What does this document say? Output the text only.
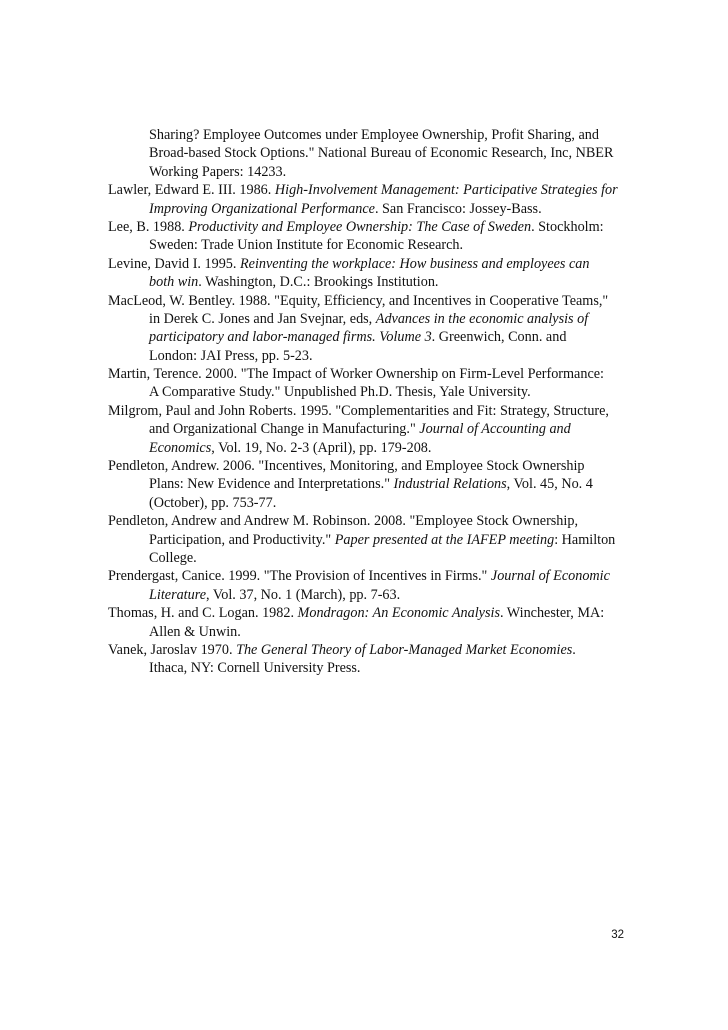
Sharing? Employee Outcomes under Employee Ownership, Profit Sharing, and
Broad-based Stock Options." National Bureau of Economic Research, Inc, NBER
Working Papers: 14233.
Lawler, Edward E. III. 1986. High-Involvement Management: Participative Strategies for
Improving Organizational Performance. San Francisco: Jossey-Bass.
Lee, B. 1988. Productivity and Employee Ownership: The Case of Sweden. Stockholm:
Sweden: Trade Union Institute for Economic Research.
Levine, David I. 1995. Reinventing the workplace: How business and employees can
both win. Washington, D.C.: Brookings Institution.
MacLeod, W. Bentley. 1988. "Equity, Efficiency, and Incentives in Cooperative Teams,"
in Derek C. Jones and Jan Svejnar, eds, Advances in the economic analysis of
participatory and labor-managed firms. Volume 3. Greenwich, Conn. and
London: JAI Press, pp. 5-23.
Martin, Terence. 2000. "The Impact of Worker Ownership on Firm-Level Performance:
A Comparative Study." Unpublished Ph.D. Thesis, Yale University.
Milgrom, Paul and John Roberts. 1995. "Complementarities and Fit: Strategy, Structure,
and Organizational Change in Manufacturing." Journal of Accounting and
Economics, Vol. 19, No. 2-3 (April), pp. 179-208.
Pendleton, Andrew. 2006. "Incentives, Monitoring, and Employee Stock Ownership
Plans: New Evidence and Interpretations." Industrial Relations, Vol. 45, No. 4
(October), pp. 753-77.
Pendleton, Andrew and Andrew M. Robinson. 2008. "Employee Stock Ownership,
Participation, and Productivity." Paper presented at the IAFEP meeting: Hamilton
College.
Prendergast, Canice. 1999. "The Provision of Incentives in Firms." Journal of Economic
Literature, Vol. 37, No. 1 (March), pp. 7-63.
Thomas, H. and C. Logan. 1982. Mondragon: An Economic Analysis. Winchester, MA:
Allen & Unwin.
Vanek, Jaroslav 1970. The General Theory of Labor-Managed Market Economies.
Ithaca, NY: Cornell University Press.
32
